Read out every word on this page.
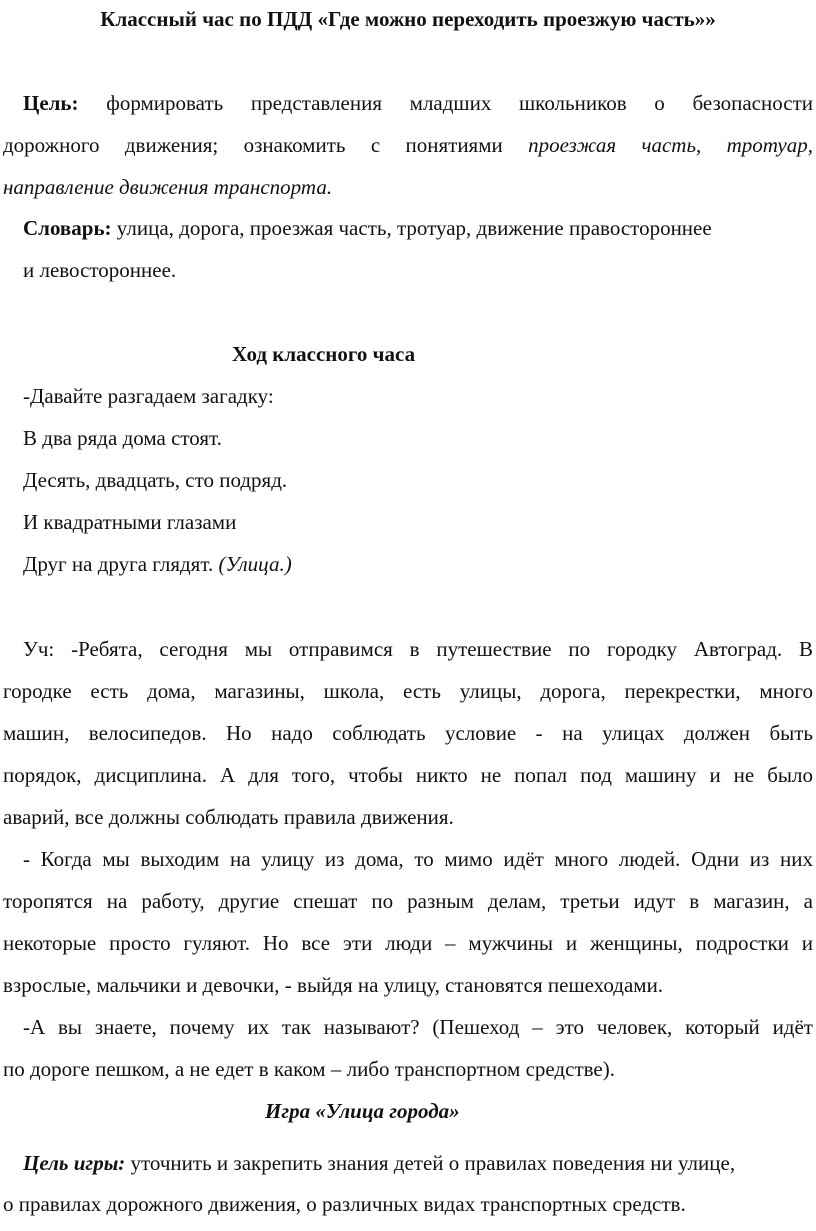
Классный час по ПДД «Где можно переходить проезжую часть»»

Цель: формировать представления младших школьников о безопасности

дорожного движения; ознакомить с понятиями проезжая часть, тротуар,

направление движения транспорта.

Словарь: улица, дорога, проезжая часть, тротуар, движение правостороннее

и левостороннее.

Ход классного часа

-Давайте разгадаем загадку:

В два ряда дома стоят.

Десять, двадцать, сто подряд.

И квадратными глазами

Друг на друга глядят. (Улица.)

Уч: -Ребята, сегодня мы отправимся в путешествие по городку Автоград. В

городке есть дома, магазины, школа, есть улицы, дорога, перекрестки, много

машин, велосипедов. Но надо соблюдать условие - на улицах должен быть

порядок, дисциплина. А для того, чтобы никто не попал под машину и не было

аварий, все должны соблюдать правила движения.

- Когда мы выходим на улицу из дома, то мимо идёт много людей. Одни из них

торопятся на работу, другие спешат по разным делам, третьи идут в магазин, а

некоторые просто гуляют. Но все эти люди – мужчины и женщины, подростки и

взрослые, мальчики и девочки, - выйдя на улицу, становятся пешеходами.

-А вы знаете, почему их так называют? (Пешеход – это человек, который идёт

по дороге пешком, а не едет в каком – либо транспортном средстве).

Игра «Улица города»

Цель игры: уточнить и закрепить знания детей о правилах поведения ни улице,

о правилах дорожного движения, о различных видах транспортных средств.
